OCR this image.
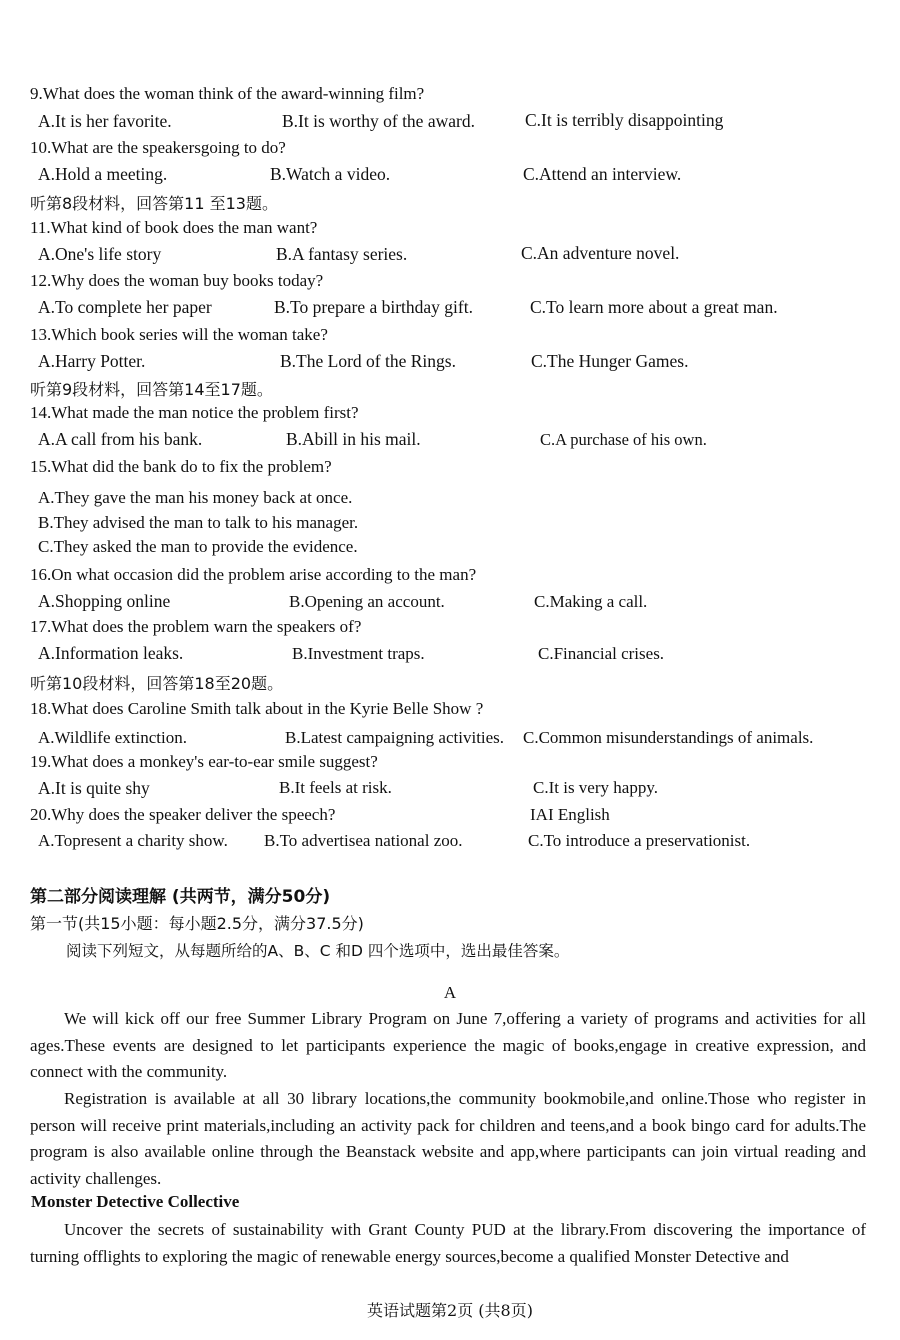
9.What does the woman think of the award-winning film?
A.It is her favorite.	B.It is worthy of the award.	C.It is terribly disappointing
10.What are the speakersgoing to do?
A.Hold a meeting.	B.Watch a video.	C.Attend an interview.
听第8段材料，回答第11 至13题。
11.What kind of book does the man want?
A.One's life story	B.A fantasy series.	C.An adventure novel.
12.Why does the woman buy books today?
A.To complete her paper	B.To prepare a birthday gift.	C.To learn more about a great man.
13.Which book series will the woman take?
A.Harry Potter.	B.The Lord of the Rings.	C.The Hunger Games.
听第9段材料，回答第14至17题。
14.What made the man notice the problem first?
A.A call from his bank.	B.Abill in his mail.	C.A purchase of his own.
15.What did the bank do to fix the problem?
A.They gave the man his money back at once.
B.They advised the man to talk to his manager.
C.They asked the man to provide the evidence.
16.On what occasion did the problem arise according to the man?
A.Shopping online	B.Opening an account.	C.Making a call.
17.What does the problem warn the speakers of?
A.Information leaks.	B.Investment traps.	C.Financial crises.
听第10段材料，回答第18至20题。
18.What does Caroline Smith talk about in the Kyrie Belle Show ?
A.Wildlife extinction.	B.Latest campaigning activities. C.Common misunderstandings of animals.
19.What does a monkey's ear-to-ear smile suggest?
A.It is quite shy	B.It feels at risk.	C.It is very happy.
20.Why does the speaker deliver the speech?	IAI English
A.Topresent a charity show. B.To advertisea national zoo.	C.To introduce a preservationist.
第二部分阅读理解 (共两节，满分50分)
第一节(共15小题：每小题2.5分，满分37.5分)
阅读下列短文，从每题所给的A、B、C 和D 四个选项中，选出最佳答案。
A

We will kick off our free Summer Library Program on June 7,offering a variety of programs and activities for all ages.These events are designed to let participants experience the magic of books,engage in creative expression, and connect with the community.

Registration is available at all 30 library locations,the community bookmobile,and online.Those who register in person will receive print materials,including an activity pack for children and teens,and a book bingo card for adults.The program is also available online through the Beanstack website and app,where participants can join virtual reading and activity challenges.

Monster Detective Collective

Uncover the secrets of sustainability with Grant County PUD at the library.From discovering the importance of turning offlights to exploring the magic of renewable energy sources,become a qualified Monster Detective and

英语试题第2页 (共8页)
